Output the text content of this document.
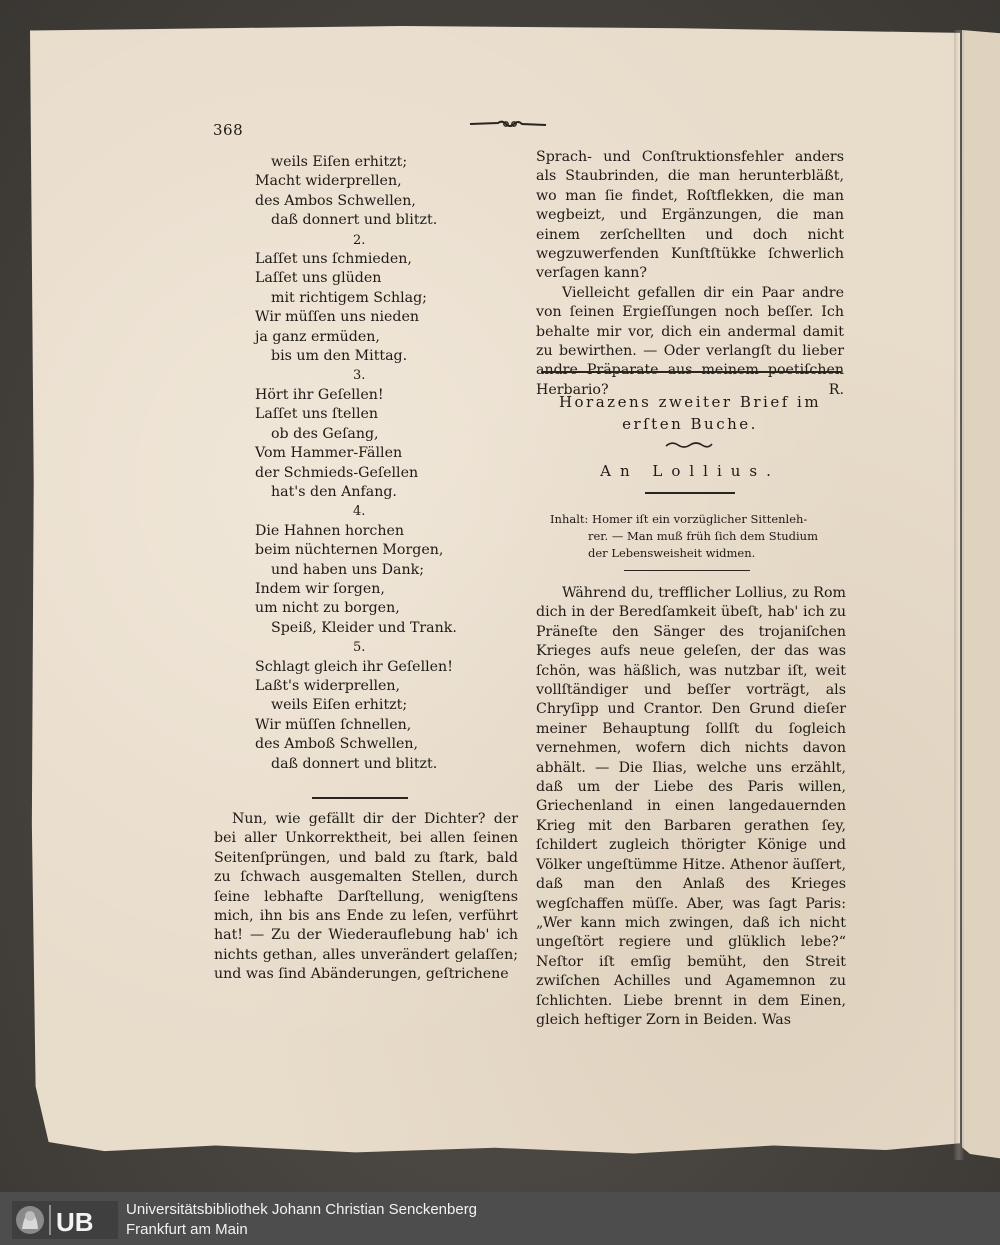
368
weils Eiſen erhitzt;
Macht widerprellen,
des Ambos Schwellen,
daß donnert und blitzt.
2.
Laſſet uns ſchmieden,
Laſſet uns glüden
mit richtigem Schlag;
Wir müſſen uns nieden
ja ganz ermüden,
bis um den Mittag.
3.
Hört ihr Geſellen!
Laſſet uns ſtellen
ob des Geſang,
Vom Hammer-Fällen
der Schmieds-Geſellen
hat's den Anfang.
4.
Die Hahnen horchen
beim nüchternen Morgen,
und haben uns Dank;
Indem wir ſorgen,
um nicht zu borgen,
Speiß, Kleider und Trank.
5.
Schlagt gleich ihr Geſellen!
Laßt's widerprellen,
weils Eiſen erhitzt;
Wir müſſen ſchnellen,
des Amboß Schwellen,
daß donnert und blitzt.

Nun, wie gefällt dir der Dichter? der bei aller Unkorrektheit, bei allen ſeinen Seitenſprüngen, und bald zu ſtark, bald zu ſchwach ausgemalten Stellen, durch ſeine lebhafte Darſtellung, wenigſtens mich, ihn bis ans Ende zu leſen, verführt hat! — Zu der Wiederauflebung hab' ich nichts gethan, alles unverändert gelaſſen; und was ſind Abänderungen, geſtrichene

Sprach- und Conſtruktionsfehler anders als Staubrinden, die man herunterbläßt, wo man ſie findet, Roſtflekken, die man wegbeizt, und Ergänzungen, die man einem zerſchellten und doch nicht wegzuwerfenden Kunſtſtükke ſchwerlich verſagen kann?

Vielleicht gefallen dir ein Paar andre von ſeinen Ergieſſungen noch beſſer. Ich behalte mir vor, dich ein andermal damit zu bewirthen. — Oder verlangſt du lieber andre Präparate aus meinem poetiſchen Herbario?	R.

Horazens zweiter Brief im
erſten Buche.
An Lollius.
Inhalt: Homer iſt ein vorzüglicher Sittenleh-
rer. — Man muß früh ſich dem Studium
der Lebensweisheit widmen.

Während du, trefflicher Lollius, zu Rom dich in der Beredſamkeit übeſt, hab' ich zu Präneſte den Sänger des trojaniſchen Krieges aufs neue geleſen, der das was ſchön, was häßlich, was nutzbar iſt, weit vollſtändiger und beſſer vorträgt, als Chryſipp und Crantor. Den Grund dieſer meiner Behauptung ſollſt du ſogleich vernehmen, wofern dich nichts davon abhält. — Die Ilias, welche uns erzählt, daß um der Liebe des Paris willen, Griechenland in einen langedauernden Krieg mit den Barbaren gerathen ſey, ſchildert zugleich thörigter Könige und Völker ungeſtümme Hitze. Athenor äuſſert, daß man den Anlaß des Krieges wegſchaffen müſſe. Aber, was ſagt Paris: „Wer kann mich zwingen, daß ich nicht ungeſtört regiere und glüklich lebe?“ Neſtor iſt emſig bemüht, den Streit zwiſchen Achilles und Agamemnon zu ſchlichten. Liebe brennt in dem Einen, gleich heftiger Zorn in Beiden. Was

UB Universitätsbibliothek Johann Christian Senckenberg
Frankfurt am Main
